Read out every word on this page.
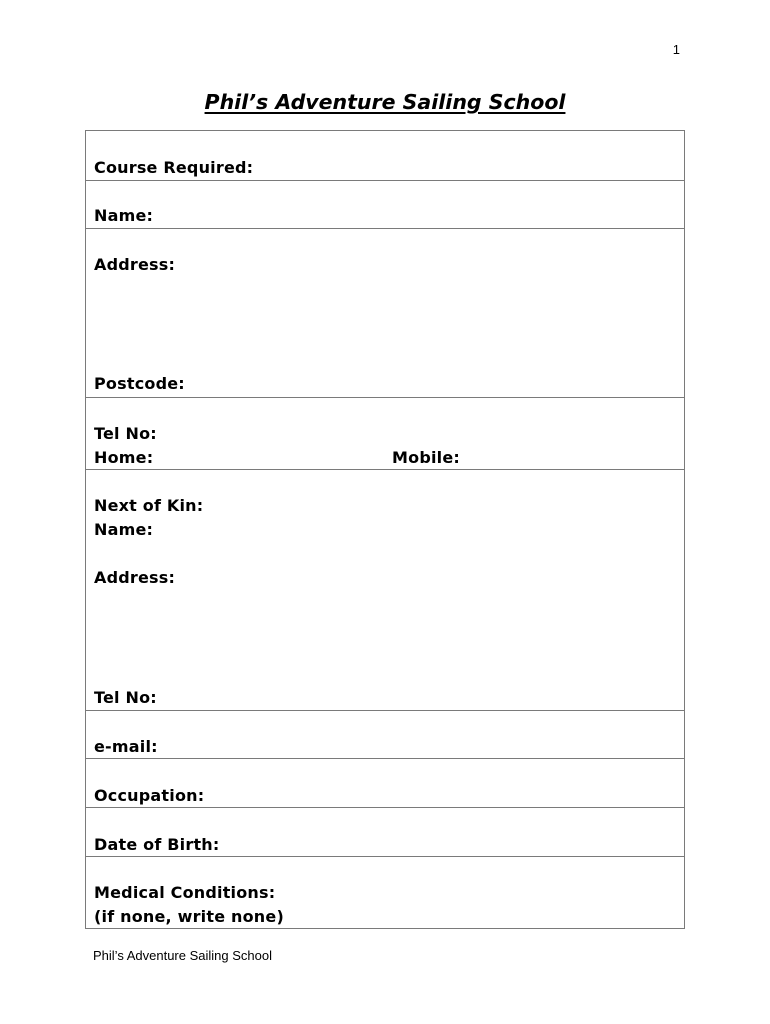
1
Phil’s Adventure Sailing School
Course Required:
Name:
Address:
Postcode:
Tel No:
Home:	Mobile:
Next of Kin:
Name:
Address:
Tel No:
e-mail:
Occupation:
Date of Birth:
Medical Conditions:
(if none, write none)
Phil’s Adventure Sailing School
